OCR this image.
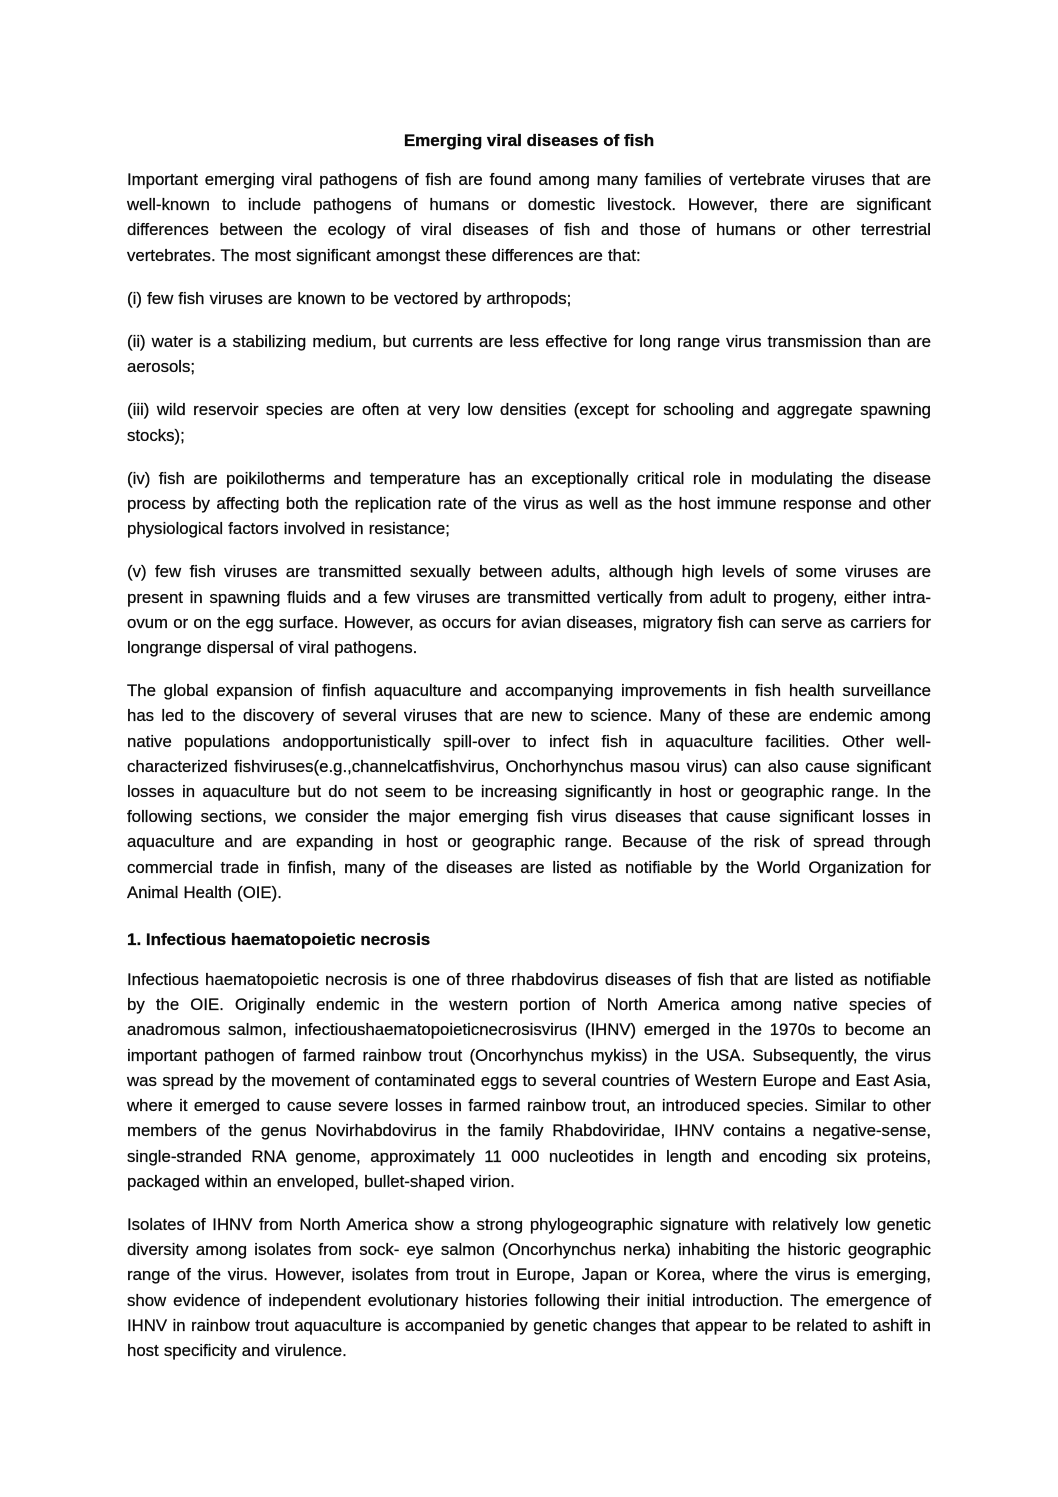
Emerging viral diseases of fish

Important emerging viral pathogens of fish are found among many families of vertebrate viruses that are well-known to include pathogens of humans or domestic livestock. However, there are significant differences between the ecology of viral diseases of fish and those of humans or other terrestrial vertebrates. The most significant amongst these differences are that:

(i) few fish viruses are known to be vectored by arthropods;

(ii) water is a stabilizing medium, but currents are less effective for long range virus transmission than are aerosols;

(iii) wild reservoir species are often at very low densities (except for schooling and aggregate spawning stocks);

(iv) fish are poikilotherms and temperature has an exceptionally critical role in modulating the disease process by affecting both the replication rate of the virus as well as the host immune response and other physiological factors involved in resistance;

(v) few fish viruses are transmitted sexually between adults, although high levels of some viruses are present in spawning fluids and a few viruses are transmitted vertically from adult to progeny, either intra-ovum or on the egg surface. However, as occurs for avian diseases, migratory fish can serve as carriers for longrange dispersal of viral pathogens.

The global expansion of finfish aquaculture and accompanying improvements in fish health surveillance has led to the discovery of several viruses that are new to science. Many of these are endemic among native populations andopportunistically spill-over to infect fish in aquaculture facilities. Other well-characterized fishviruses(e.g.,channelcatfishvirus, Onchorhynchus masou virus) can also cause significant losses in aquaculture but do not seem to be increasing significantly in host or geographic range. In the following sections, we consider the major emerging fish virus diseases that cause significant losses in aquaculture and are expanding in host or geographic range. Because of the risk of spread through commercial trade in finfish, many of the diseases are listed as notifiable by the World Organization for Animal Health (OIE).

1. Infectious haematopoietic necrosis

Infectious haematopoietic necrosis is one of three rhabdovirus diseases of fish that are listed as notifiable by the OIE. Originally endemic in the western portion of North America among native species of anadromous salmon, infectioushaematopoieticnecrosisvirus (IHNV) emerged in the 1970s to become an important pathogen of farmed rainbow trout (Oncorhynchus mykiss) in the USA. Subsequently, the virus was spread by the movement of contaminated eggs to several countries of Western Europe and East Asia, where it emerged to cause severe losses in farmed rainbow trout, an introduced species. Similar to other members of the genus Novirhabdovirus in the family Rhabdoviridae, IHNV contains a negative-sense, single-stranded RNA genome, approximately 11 000 nucleotides in length and encoding six proteins, packaged within an enveloped, bullet-shaped virion.

Isolates of IHNV from North America show a strong phylogeographic signature with relatively low genetic diversity among isolates from sock- eye salmon (Oncorhynchus nerka) inhabiting the historic geographic range of the virus. However, isolates from trout in Europe, Japan or Korea, where the virus is emerging, show evidence of independent evolutionary histories following their initial introduction. The emergence of IHNV in rainbow trout aquaculture is accompanied by genetic changes that appear to be related to ashift in host specificity and virulence.
